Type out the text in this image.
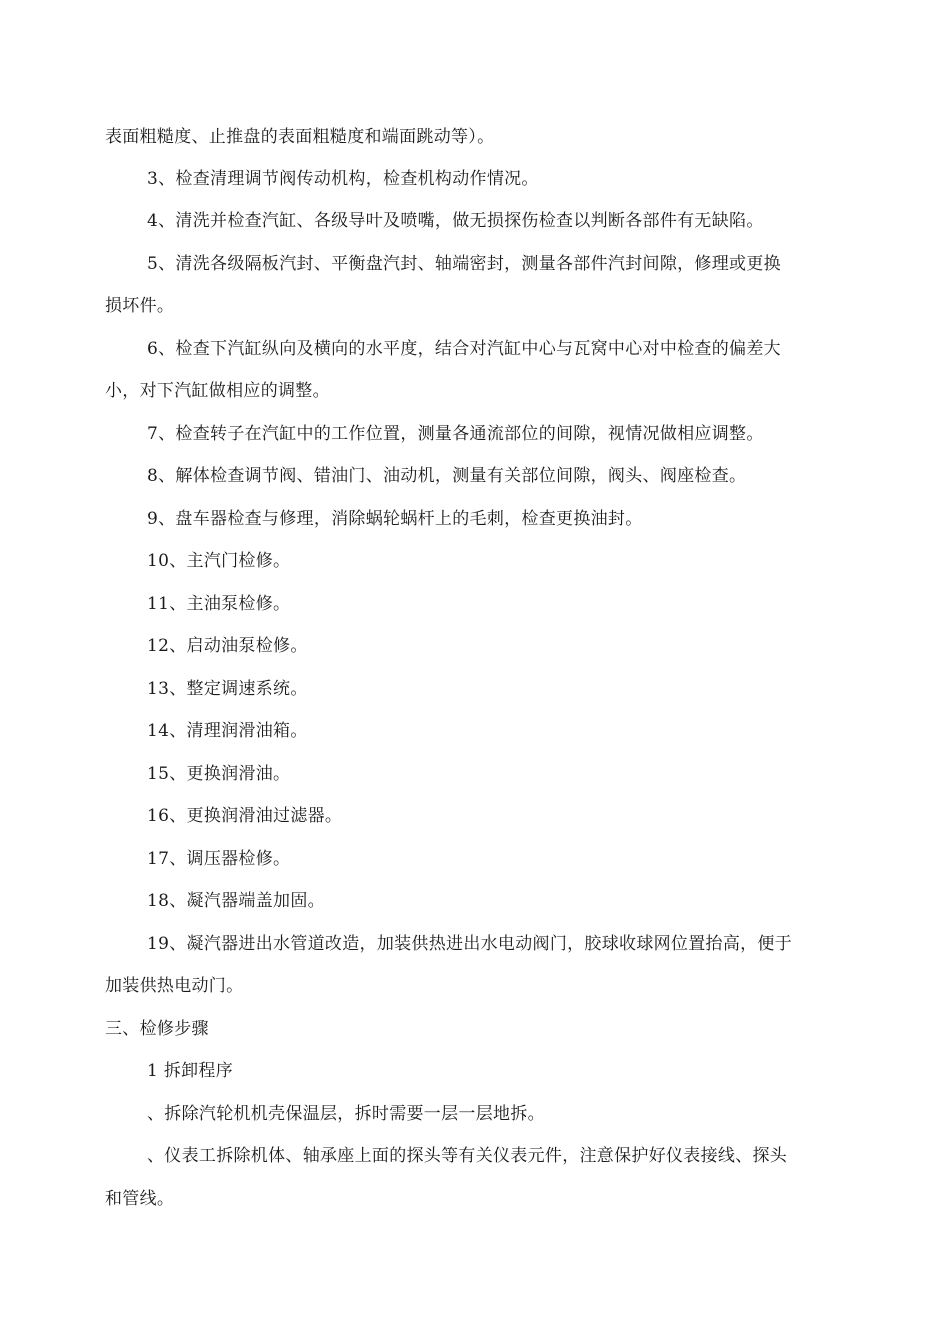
表面粗糙度、止推盘的表面粗糙度和端面跳动等）。
3、检查清理调节阀传动机构，检查机构动作情况。
4、清洗并检查汽缸、各级导叶及喷嘴，做无损探伤检查以判断各部件有无缺陷。
5、清洗各级隔板汽封、平衡盘汽封、轴端密封，测量各部件汽封间隙，修理或更换
损坏件。
6、检查下汽缸纵向及横向的水平度，结合对汽缸中心与瓦窝中心对中检查的偏差大
小，对下汽缸做相应的调整。
7、检查转子在汽缸中的工作位置，测量各通流部位的间隙，视情况做相应调整。
8、解体检查调节阀、错油门、油动机，测量有关部位间隙，阀头、阀座检查。
9、盘车器检查与修理，消除蜗轮蜗杆上的毛刺，检查更换油封。
10、主汽门检修。
11、主油泵检修。
12、启动油泵检修。
13、整定调速系统。
14、清理润滑油箱。
15、更换润滑油。
16、更换润滑油过滤器。
17、调压器检修。
18、凝汽器端盖加固。
19、凝汽器进出水管道改造，加装供热进出水电动阀门，胶球收球网位置抬高，便于
加装供热电动门。
三、检修步骤
1 拆卸程序
、拆除汽轮机机壳保温层，拆时需要一层一层地拆。
、仪表工拆除机体、轴承座上面的探头等有关仪表元件，注意保护好仪表接线、探头
和管线。
